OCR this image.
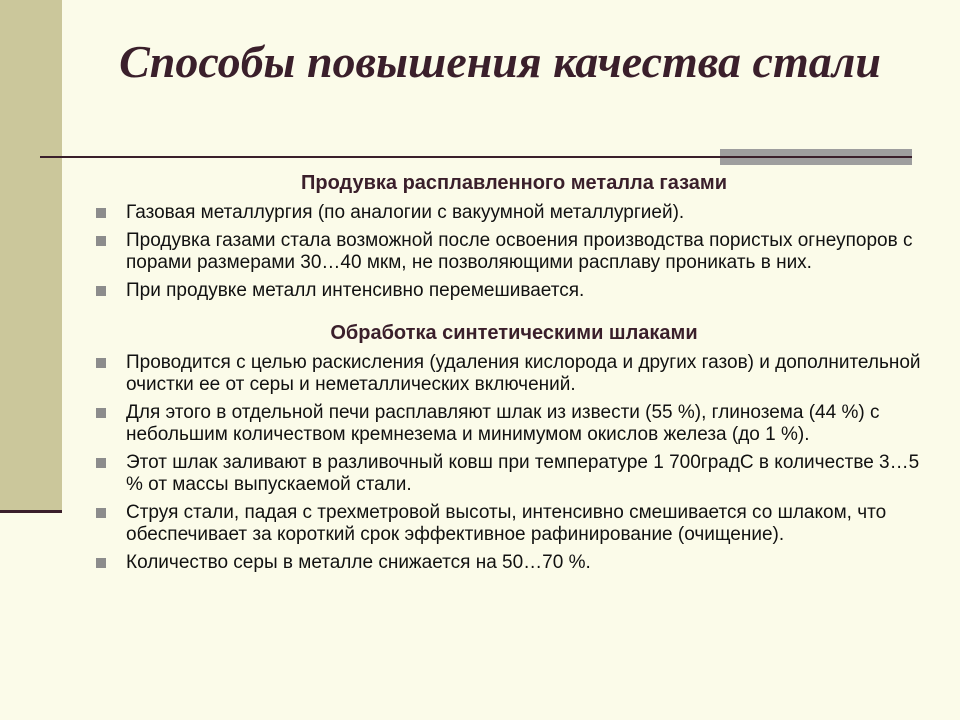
Способы повышения качества стали
Продувка расплавленного металла газами
Газовая металлургия (по аналогии с вакуумной металлургией).
Продувка газами стала возможной после освоения производства пористых огнеупоров с порами размерами 30…40 мкм, не позволяющими расплаву проникать в них.
При продувке металл интенсивно перемешивается.
Обработка синтетическими шлаками
Проводится с целью раскисления (удаления кислорода и других газов) и дополнительной очистки ее от серы и неметаллических включений.
Для этого в отдельной печи расплавляют шлак из извести (55 %), глинозема (44 %) с небольшим количеством кремнезема и минимумом окислов железа (до 1 %).
Этот шлак заливают в разливочный ковш при температуре 1 700градС в количестве 3…5 % от массы выпускаемой стали.
Струя стали, падая с трехметровой высоты, интенсивно смешивается со шлаком, что обеспечивает за короткий срок эффективное рафинирование (очищение).
Количество серы в металле снижается на 50…70 %.
